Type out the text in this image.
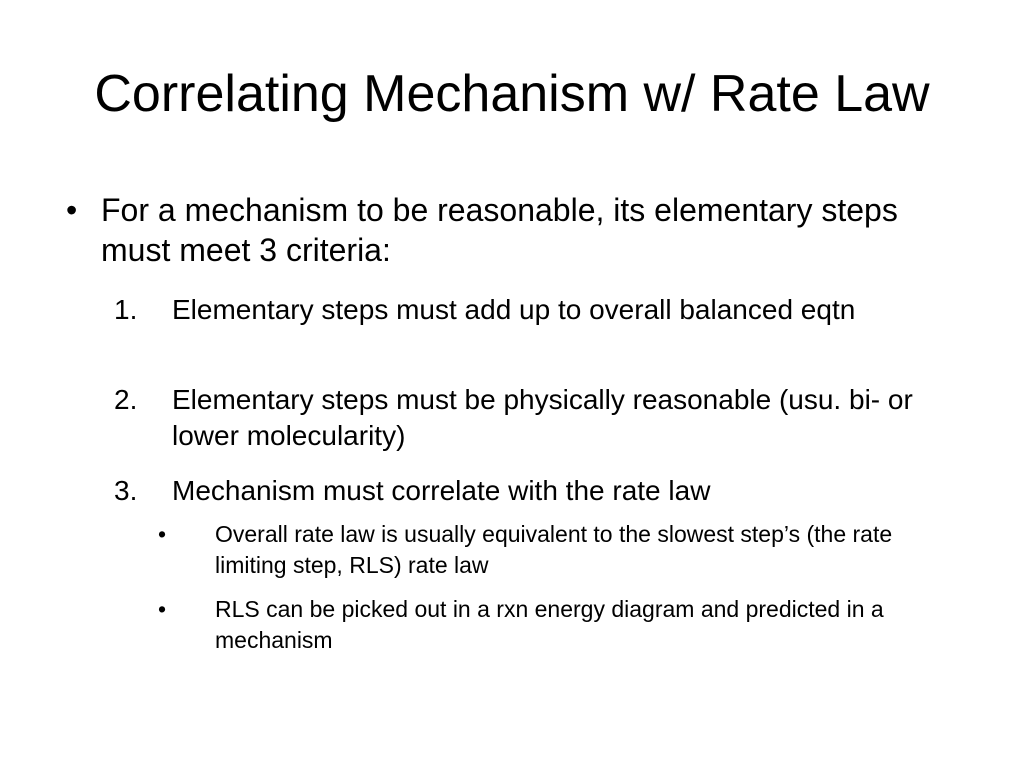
Correlating Mechanism w/ Rate Law
• For a mechanism to be reasonable, its elementary steps must meet 3 criteria:
1.	Elementary steps must add up to overall balanced eqtn
2.	Elementary steps must be physically reasonable (usu. bi- or lower molecularity)
3.	Mechanism must correlate with the rate law
•	Overall rate law is usually equivalent to the slowest step’s (the rate limiting step, RLS) rate law
•	RLS can be picked out in a rxn energy diagram and predicted in a mechanism
